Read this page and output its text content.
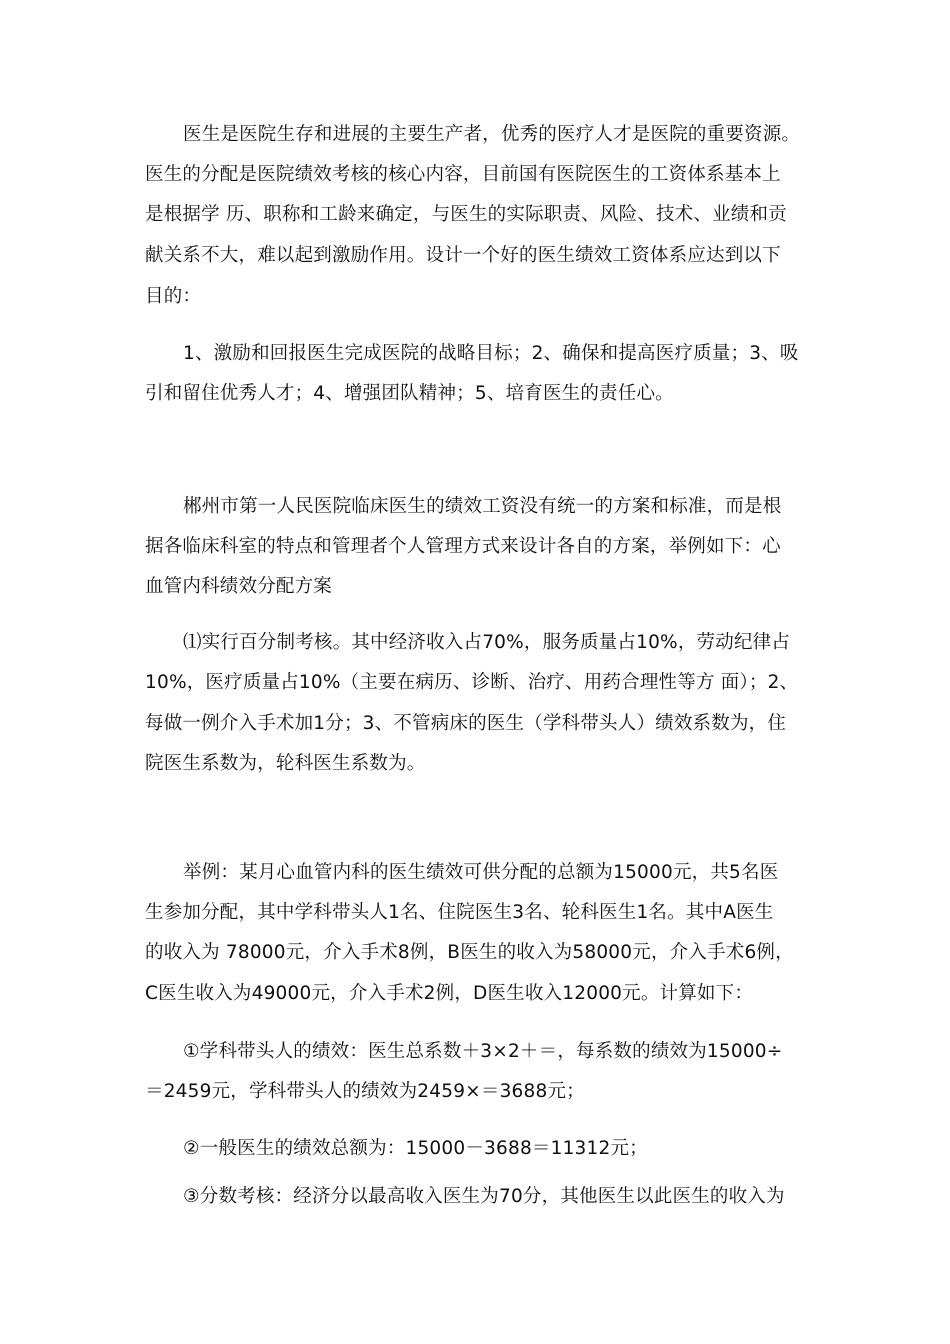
医生是医院生存和进展的主要生产者，优秀的医疗人才是医院的重要资源。
医生的分配是医院绩效考核的核心内容，目前国有医院医生的工资体系基本上
是根据学 历、职称和工龄来确定，与医生的实际职责、风险、技术、业绩和贡
献关系不大，难以起到激励作用。设计一个好的医生绩效工资体系应达到以下
目的：
1、激励和回报医生完成医院的战略目标；2、确保和提高医疗质量；3、吸
引和留住优秀人才；4、增强团队精神；5、培育医生的责任心。
郴州市第一人民医院临床医生的绩效工资没有统一的方案和标准，而是根
据各临床科室的特点和管理者个人管理方式来设计各自的方案，举例如下：心
血管内科绩效分配方案
⑴实行百分制考核。其中经济收入占70%，服务质量占10%，劳动纪律占
10%，医疗质量占10%（主要在病历、诊断、治疗、用药合理性等方 面）；2、
每做一例介入手术加1分；3、不管病床的医生（学科带头人）绩效系数为，住
院医生系数为，轮科医生系数为。
举例：某月心血管内科的医生绩效可供分配的总额为15000元，共5名医
生参加分配，其中学科带头人1名、住院医生3名、轮科医生1名。其中A医生
的收入为 78000元，介入手术8例，B医生的收入为58000元，介入手术6例，
C医生收入为49000元，介入手术2例，D医生收入12000元。计算如下：
①学科带头人的绩效：医生总系数＋3×2＋＝，每系数的绩效为15000÷
＝2459元，学科带头人的绩效为2459×＝3688元；
②一般医生的绩效总额为：15000－3688＝11312元；
③分数考核：经济分以最高收入医生为70分，其他医生以此医生的收入为
